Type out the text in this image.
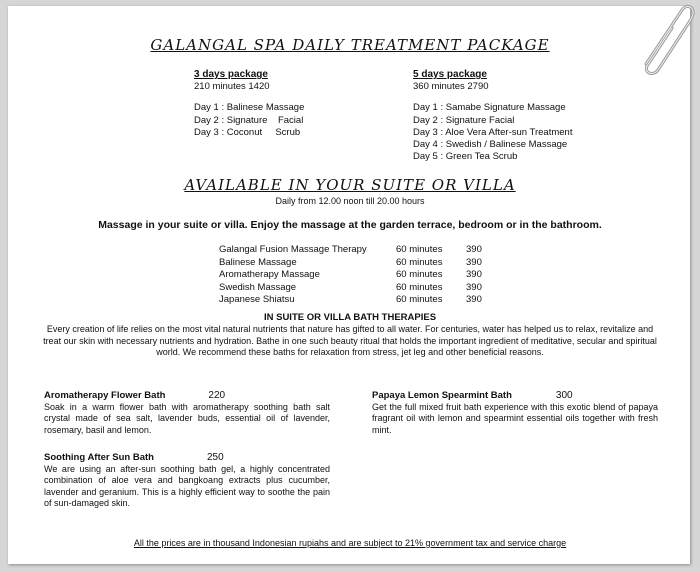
GALANGAL SPA DAILY TREATMENT PACKAGE
3 days package
210 minutes 1420
Day 1 : Balinese Massage
Day 2 : Signature    Facial
Day 3 : Coconut     Scrub
5 days package
360 minutes 2790
Day 1 : Samabe Signature Massage
Day 2 : Signature Facial
Day 3 : Aloe Vera After-sun Treatment
Day 4 : Swedish / Balinese Massage
Day 5 : Green Tea Scrub
AVAILABLE IN YOUR SUITE OR VILLA
Daily from 12.00 noon till 20.00 hours
Massage in your suite or villa. Enjoy the massage at the garden terrace, bedroom or in the bathroom.
Galangal Fusion Massage Therapy	60 minutes	390
Balinese Massage	60 minutes	390
Aromatherapy Massage	60 minutes	390
Swedish Massage	60 minutes	390
Japanese Shiatsu	60 minutes	390
IN SUITE OR VILLA BATH THERAPIES
Every creation of life relies on the most vital natural nutrients that nature has gifted to all water. For centuries, water has helped us to relax, revitalize and treat our skin with necessary nutrients and hydration. Bathe in one such beauty ritual that holds the important ingredient of meditative, secular and spiritual world. We recommend these baths for relaxation from stress, jet leg and other beneficial reasons.
Aromatherapy Flower Bath	220
Soak in a warm flower bath with aromatherapy soothing bath salt crystal made of sea salt, lavender buds, essential oil of lavender, rosemary, basil and lemon.
Papaya Lemon Spearmint Bath	300
Get the full mixed fruit bath experience with this exotic blend of papaya fragrant oil with lemon and spearmint essential oils together with fresh mint.
Soothing After Sun Bath	250
We are using an after-sun soothing bath gel, a highly concentrated combination of aloe vera and bangkoang extracts plus cucumber, lavender and geranium. This is a highly efficient way to soothe the pain of sun-damaged skin.
All the prices are in thousand Indonesian rupiahs and are subject to 21% government tax and service charge
